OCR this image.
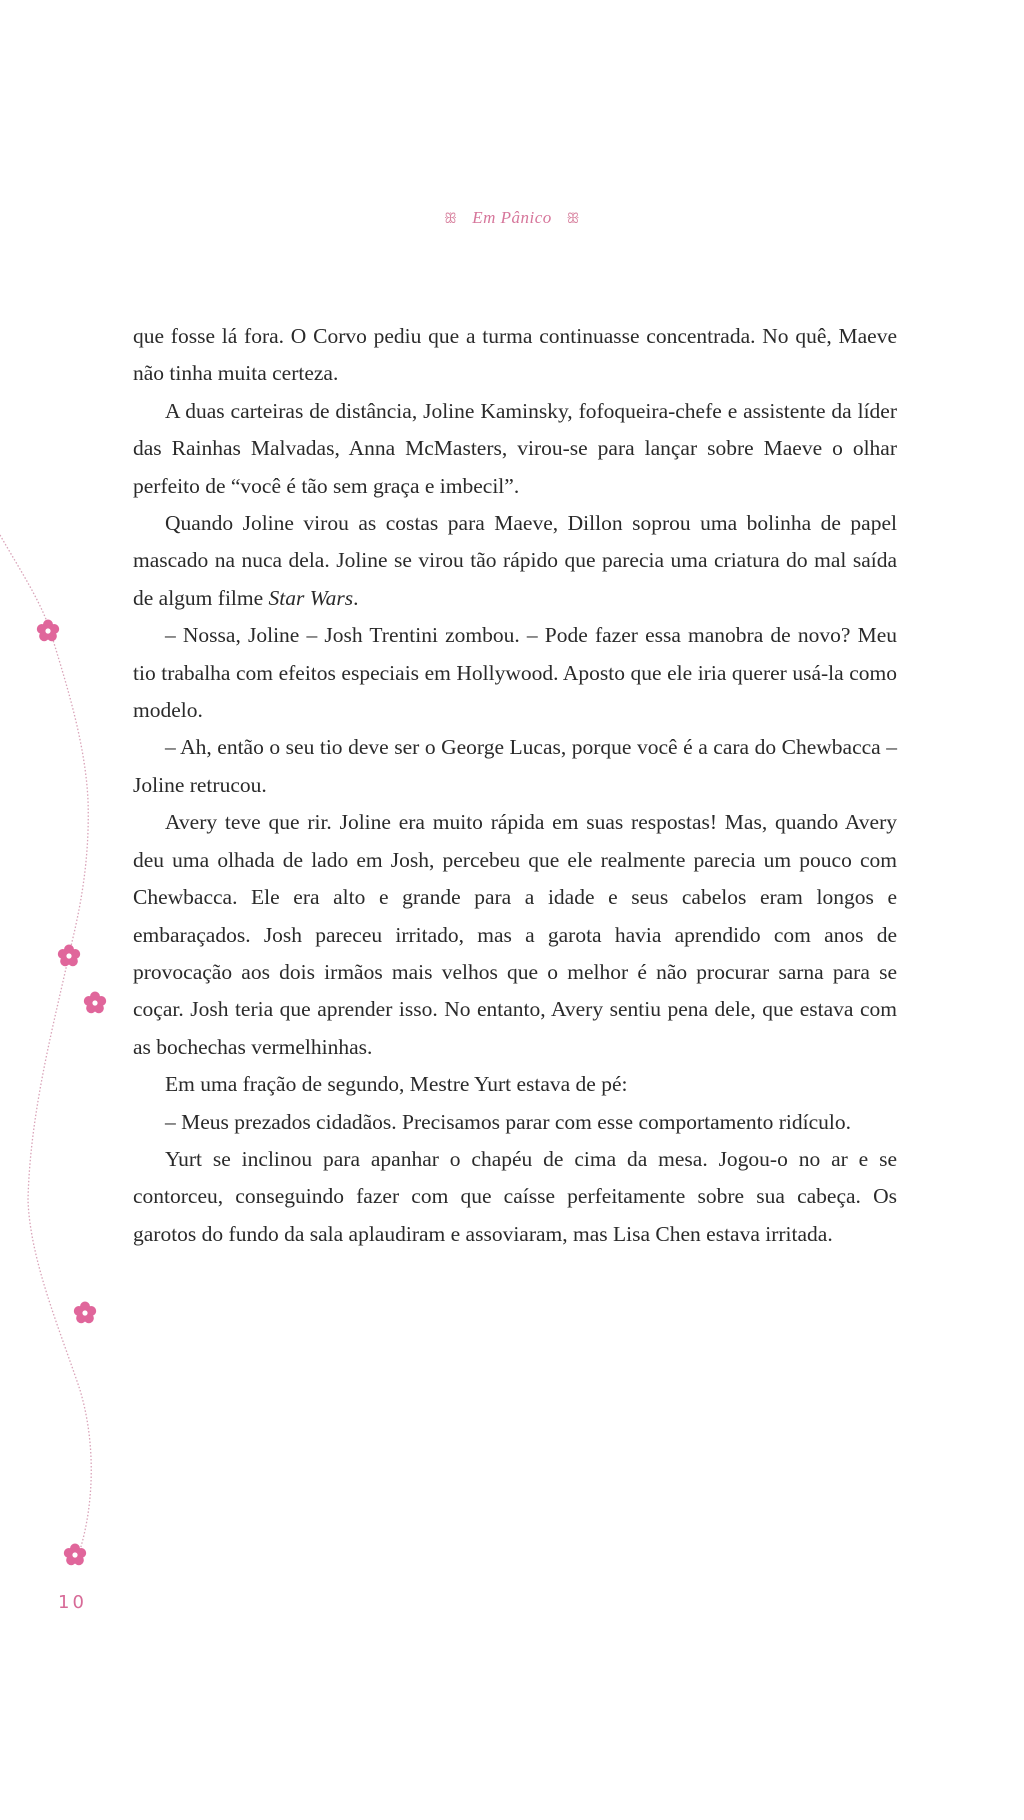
ꕥ Em Pânico ꕥ

que fosse lá fora. O Corvo pediu que a turma continuasse concentrada. No quê, Maeve não tinha muita certeza.

A duas carteiras de distância, Joline Kaminsky, fofoqueira-chefe e assistente da líder das Rainhas Malvadas, Anna McMasters, virou-se para lançar sobre Maeve o olhar perfeito de “você é tão sem graça e imbecil”.

Quando Joline virou as costas para Maeve, Dillon soprou uma bolinha de papel mascado na nuca dela. Joline se virou tão rápido que parecia uma criatura do mal saída de algum filme Star Wars.

– Nossa, Joline – Josh Trentini zombou. – Pode fazer essa manobra de novo? Meu tio trabalha com efeitos especiais em Hollywood. Aposto que ele iria querer usá-la como modelo.

– Ah, então o seu tio deve ser o George Lucas, porque você é a cara do Chewbacca – Joline retrucou.

Avery teve que rir. Joline era muito rápida em suas respostas! Mas, quando Avery deu uma olhada de lado em Josh, percebeu que ele realmente parecia um pouco com Chewbacca. Ele era alto e grande para a idade e seus cabelos eram longos e embaraçados. Josh pareceu irritado, mas a garota havia aprendido com anos de provocação aos dois irmãos mais velhos que o melhor é não procurar sarna para se coçar. Josh teria que aprender isso. No entanto, Avery sentiu pena dele, que estava com as bochechas vermelhinhas.

Em uma fração de segundo, Mestre Yurt estava de pé:

– Meus prezados cidadãos. Precisamos parar com esse comportamento ridículo.

Yurt se inclinou para apanhar o chapéu de cima da mesa. Jogou-o no ar e se contorceu, conseguindo fazer com que caísse perfeitamente sobre sua cabeça. Os garotos do fundo da sala aplaudiram e assoviaram, mas Lisa Chen estava irritada.

10
